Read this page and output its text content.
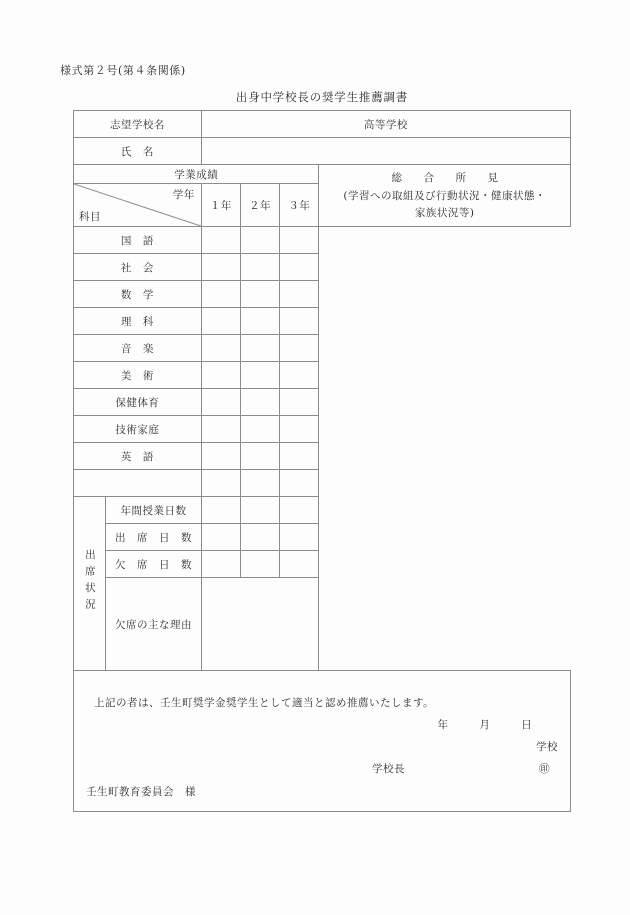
様式第２号(第４条関係)
出身中学校長の奨学生推薦調書
志望学校名		高等学校			
氏　名					
学業成績					総　合　所　見
(学習への取組及び行動状況・健康状態・
家族状況等)

学年
科目		１年	２年	３年	
国　語					
社　会					
数　学					
理　科					
音　楽					
美　術					
保健体育					
技術家庭					
英　語					

出席状況	年間授業日数				
	出　席　日　数				
	欠　席　日　数				
	欠席の主な理由				

上記の者は、壬生町奨学金奨学生として適当と認め推薦いたします。
年	月	日
学校
学校長	㊞
壬生町教育委員会　様
